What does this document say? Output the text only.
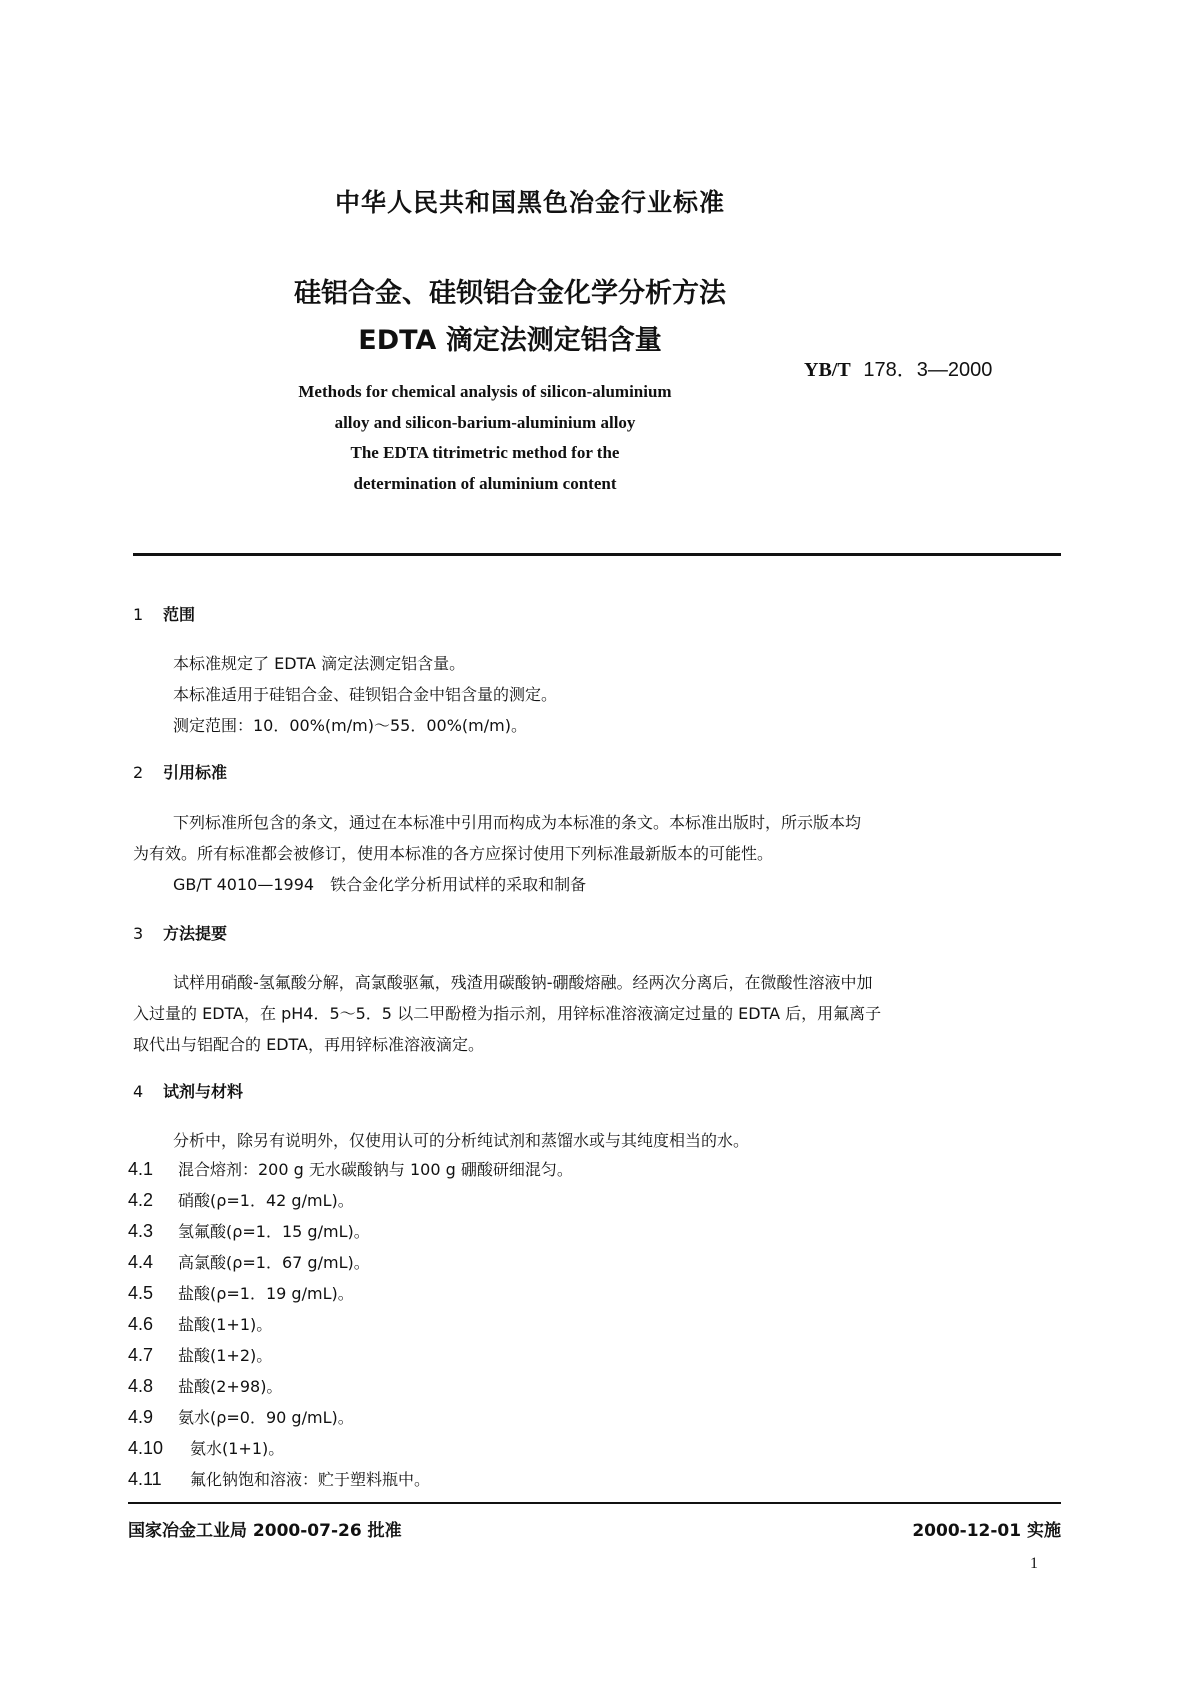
中华人民共和国黑色冶金行业标准
硅铝合金、硅钡铝合金化学分析方法
EDTA 滴定法测定铝含量
YB/T 178．3—2000
Methods for chemical analysis of silicon-aluminium
alloy and silicon-barium-aluminium alloy
The EDTA titrimetric method for the
determination of aluminium content
1 范围
本标准规定了 EDTA 滴定法测定铝含量。
本标准适用于硅铝合金、硅钡铝合金中铝含量的测定。
测定范围：10．00%(m/m)～55．00%(m/m)。
2 引用标准
下列标准所包含的条文，通过在本标准中引用而构成为本标准的条文。本标准出版时，所示版本均
为有效。所有标准都会被修订，使用本标准的各方应探讨使用下列标准最新版本的可能性。
GB/T 4010—1994　铁合金化学分析用试样的采取和制备
3 方法提要
试样用硝酸-氢氟酸分解，高氯酸驱氟，残渣用碳酸钠-硼酸熔融。经两次分离后，在微酸性溶液中加
入过量的 EDTA，在 pH4．5～5．5 以二甲酚橙为指示剂，用锌标准溶液滴定过量的 EDTA 后，用氟离子
取代出与铝配合的 EDTA，再用锌标准溶液滴定。
4 试剂与材料
分析中，除另有说明外，仅使用认可的分析纯试剂和蒸馏水或与其纯度相当的水。
4.1 混合熔剂：200 g 无水碳酸钠与 100 g 硼酸研细混匀。
4.2 硝酸(ρ=1．42 g/mL)。
4.3 氢氟酸(ρ=1．15 g/mL)。
4.4 高氯酸(ρ=1．67 g/mL)。
4.5 盐酸(ρ=1．19 g/mL)。
4.6 盐酸(1+1)。
4.7 盐酸(1+2)。
4.8 盐酸(2+98)。
4.9 氨水(ρ=0．90 g/mL)。
4.10 氨水(1+1)。
4.11 氟化钠饱和溶液：贮于塑料瓶中。
国家冶金工业局 2000-07-26 批准	2000-12-01 实施
1
